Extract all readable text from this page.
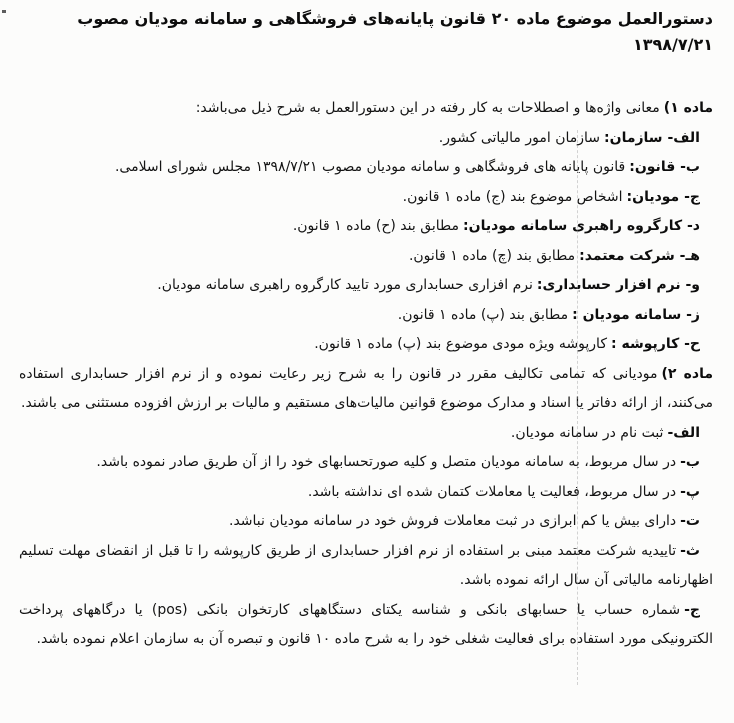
دستورالعمل موضوع ماده ۲۰ قانون پایانه‌های فروشگاهی و سامانه مودیان مصوب ۱۳۹۸/۷/۲۱

ماده ۱)معانی واژه‌ها و اصطلاحات به کار رفته در این دستورالعمل به شرح ذیل می‌باشد:

الف- سازمان:سازمان امور مالیاتی کشور.

ب- قانون:قانون پایانه های فروشگاهی و سامانه مودیان مصوب ۱۳۹۸/۷/۲۱ مجلس شورای اسلامی.

ج- مودیان:اشخاص موضوع بند (ج) ماده ۱ قانون.

د- کارگروه راهبری سامانه مودیان:مطابق بند (ح) ماده ۱ قانون.

هـ- شرکت معتمد:مطابق بند (چ) ماده ۱ قانون.

و- نرم افزار حسابداری:نرم افزاری حسابداری مورد تایید کارگروه راهبری سامانه مودیان.

ز- سامانه مودیان :مطابق بند (پ) ماده ۱ قانون.

ح- کارپوشه :کارپوشه ویژه مودی موضوع بند (پ) ماده ۱ قانون.

ماده ۲)مودیانی که تمامی تکالیف مقرر در قانون را به شرح زیر رعایت نموده و از نرم افزار حسابداری استفاده می‌کنند، از ارائه دفاتر یا اسناد و مدارک موضوع قوانین مالیات‌های مستقیم و مالیات بر ارزش افزوده مستثنی می باشند.

الف-ثبت نام در سامانه مودیان.

ب-در سال مربوط، به سامانه مودیان متصل و کلیه صورتحسابهای خود را از آن طریق صادر نموده باشد.

پ-در سال مربوط، فعالیت یا معاملات کتمان شده ای نداشته باشد.

ت-دارای بیش یا کم ابرازی در ثبت معاملات فروش خود در سامانه مودیان نباشد.

ث-تاییدیه شرکت معتمد مبنی بر استفاده از نرم افزار حسابداری از طریق کارپوشه را تا قبل از انقضای مهلت تسلیم اظهارنامه مالیاتی آن سال ارائه نموده باشد.

ج-شماره حساب یا حسابهای بانکی و شناسه یکتای دستگاههای کارتخوان بانکی (pos) یا درگاههای پرداخت الکترونیکی مورد استفاده برای فعالیت شغلی خود را به شرح ماده ۱۰ قانون و تبصره آن به سازمان اعلام نموده باشد.
